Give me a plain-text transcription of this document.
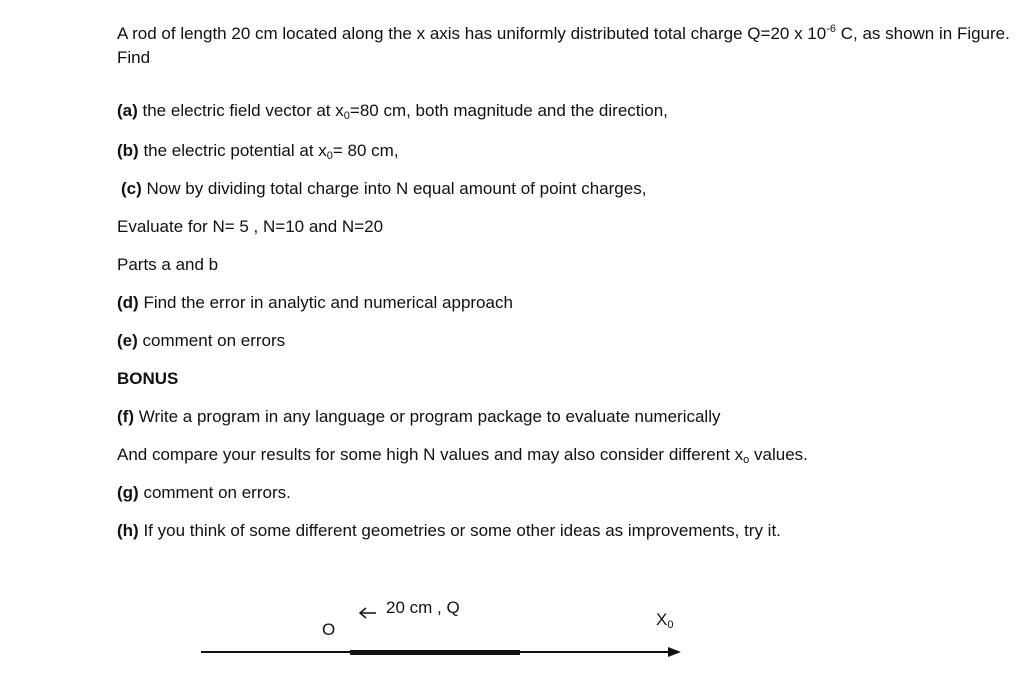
A rod of length 20 cm located along the x axis has uniformly distributed total charge Q=20 x $10^{-6}$ C, as shown in Figure. Find

(a) the electric field vector at $x_0=80$ cm, both magnitude and the direction,
(b) the electric potential at $x_0= 80$ cm,
(c) Now by dividing total charge into N equal amount of point charges,
Evaluate for N= 5 , N=10 and N=20
Parts a and b
(d) Find the error in analytic and numerical approach
(e) comment on errors
BONUS
(f) Write a program in any language or program package to evaluate numerically
And compare your results for some high N values and may also consider different $x_o$ values.
(g) comment on errors.
(h) If you think of some different geometries or some other ideas as improvements, try it.
O
20 cm , Q
$X_0$
